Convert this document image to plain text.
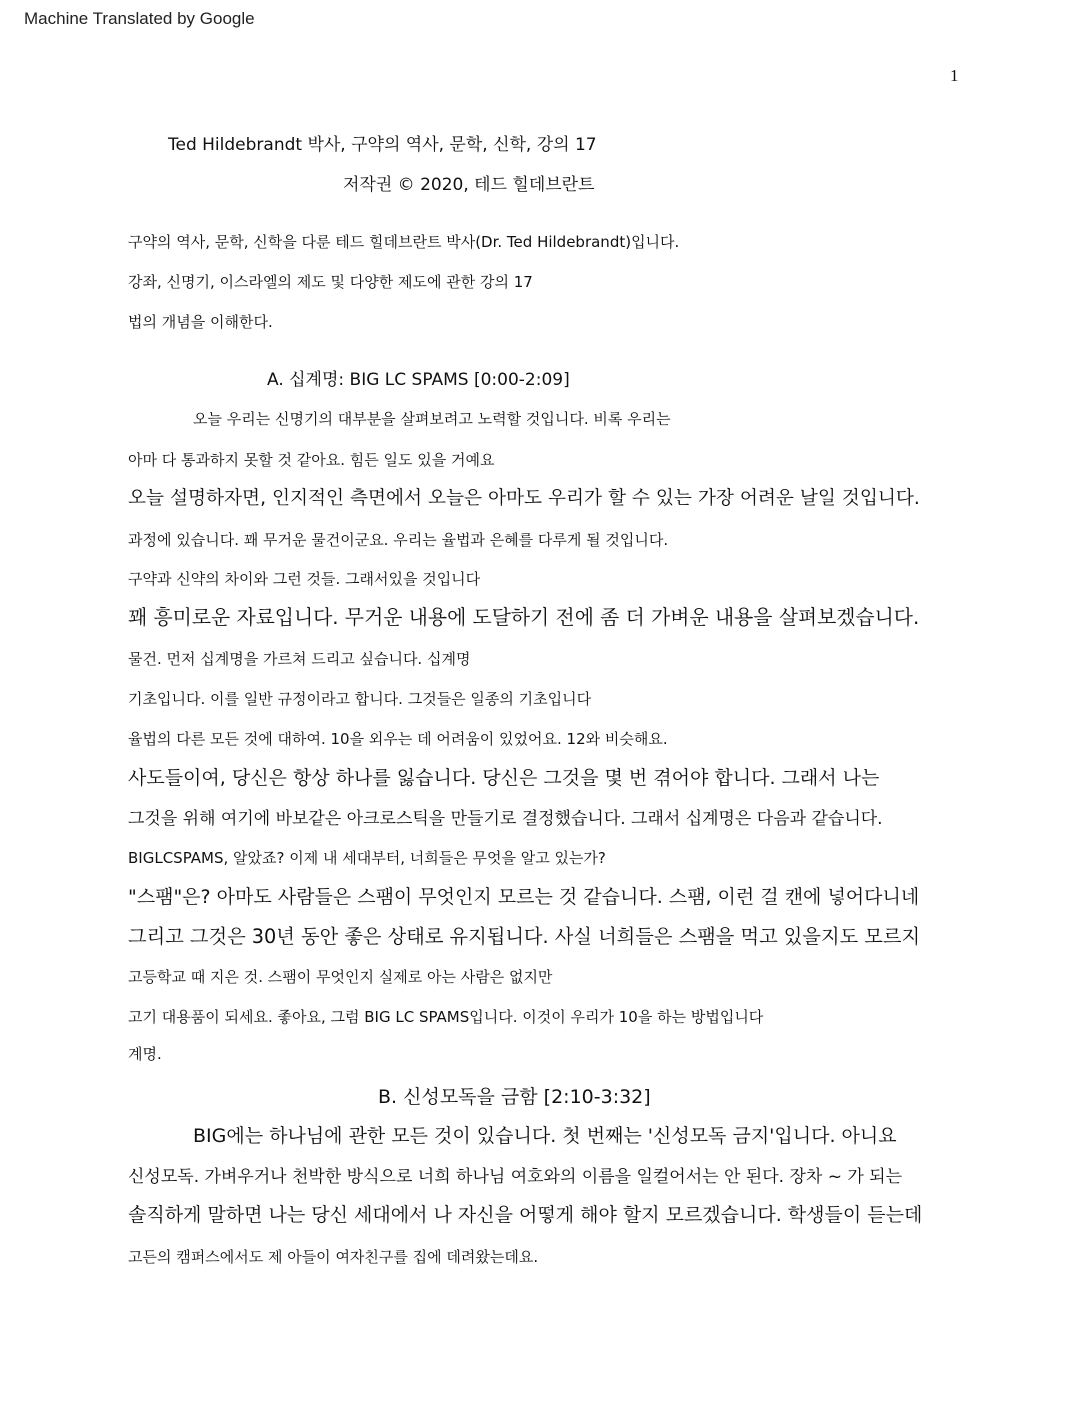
Machine Translated by Google
1
Ted Hildebrandt 박사, 구약의 역사, 문학, 신학, 강의 17
저작권 © 2020, 테드 힐데브란트
구약의 역사, 문학, 신학을 다룬 테드 힐데브란트 박사(Dr. Ted Hildebrandt)입니다.
강좌, 신명기, 이스라엘의 제도 및 다양한 제도에 관한 강의 17
법의 개념을 이해한다.
A. 십계명: BIG LC SPAMS [0:00-2:09]
오늘 우리는 신명기의 대부분을 살펴보려고 노력할 것입니다. 비록 우리는
아마 다 통과하지 못할 것 같아요. 힘든 일도 있을 거예요
오늘 설명하자면, 인지적인 측면에서 오늘은 아마도 우리가 할 수 있는 가장 어려운 날일 것입니다.
과정에 있습니다. 꽤 무거운 물건이군요. 우리는 율법과 은혜를 다루게 될 것입니다.
구약과 신약의 차이와 그런 것들. 그래서있을 것입니다
꽤 흥미로운 자료입니다. 무거운 내용에 도달하기 전에 좀 더 가벼운 내용을 살펴보겠습니다.
물건. 먼저 십계명을 가르쳐 드리고 싶습니다. 십계명
기초입니다. 이를 일반 규정이라고 합니다. 그것들은 일종의 기초입니다
율법의 다른 모든 것에 대하여. 10을 외우는 데 어려움이 있었어요. 12와 비슷해요.
사도들이여, 당신은 항상 하나를 잃습니다. 당신은 그것을 몇 번 겪어야 합니다. 그래서 나는
그것을 위해 여기에 바보같은 아크로스틱을 만들기로 결정했습니다. 그래서 십계명은 다음과 같습니다.
BIGLCSPAMS, 알았죠? 이제 내 세대부터, 너희들은 무엇을 알고 있는가?
"스팸"은? 아마도 사람들은 스팸이 무엇인지 모르는 것 같습니다. 스팸, 이런 걸 캔에 넣어다니네
그리고 그것은 30년 동안 좋은 상태로 유지됩니다. 사실 너희들은 스팸을 먹고 있을지도 모르지
고등학교 때 지은 것. 스팸이 무엇인지 실제로 아는 사람은 없지만
고기 대용품이 되세요. 좋아요, 그럼 BIG LC SPAMS입니다. 이것이 우리가 10을 하는 방법입니다
계명.
B. 신성모독을 금함 [2:10-3:32]
BIG에는 하나님에 관한 모든 것이 있습니다. 첫 번째는 '신성모독 금지'입니다. 아니요
신성모독. 가벼우거나 천박한 방식으로 너희 하나님 여호와의 이름을 일컬어서는 안 된다. 장차 ~ 가 되는
솔직하게 말하면 나는 당신 세대에서 나 자신을 어떻게 해야 할지 모르겠습니다. 학생들이 듣는데
고든의 캠퍼스에서도 제 아들이 여자친구를 집에 데려왔는데요.
